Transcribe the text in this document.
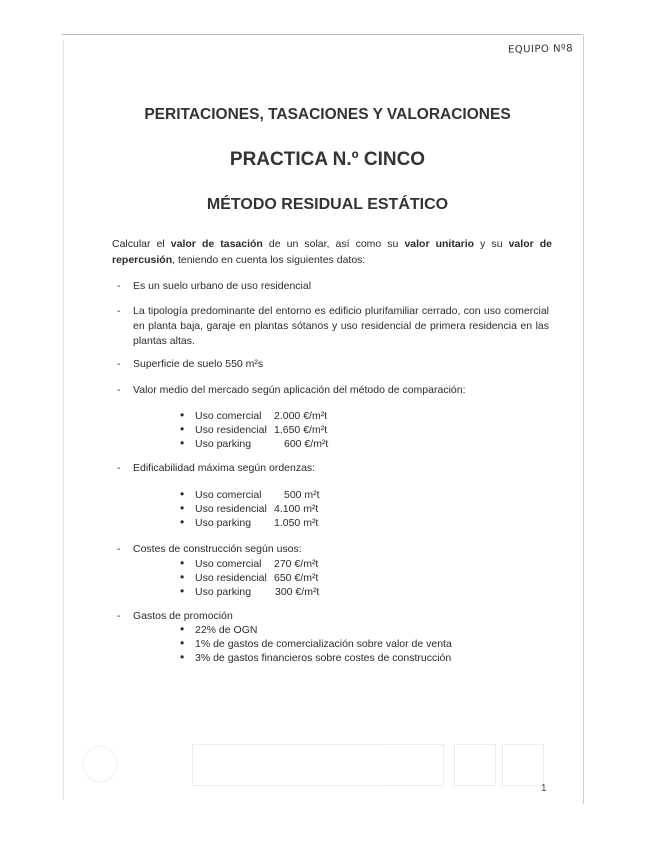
EQUIPO Nº8
PERITACIONES, TASACIONES Y VALORACIONES
PRACTICA N.º CINCO
MÉTODO RESIDUAL ESTÁTICO
Calcular el valor de tasación de un solar, así como su valor unitario y su valor de repercusión, teniendo en cuenta los siguientes datos:
- Es un suelo urbano de uso residencial
- La tipología predominante del entorno es edificio plurifamiliar cerrado, con uso comercial en planta baja, garaje en plantas sótanos y uso residencial de primera residencia en las plantas altas.
- Superficie de suelo 550 m²s
- Valor medio del mercado según aplicación del método de comparación:
• Uso comercial 2.000 €/m²t
• Uso residencial 1.650 €/m²t
• Uso parking	600 €/m²t
- Edificabilidad máxima según ordenzas:
• Uso comercial 500 m²t
• Uso residencial 4.100 m²t
• Uso parking 1.050 m²t
- Costes de construcción según usos:
• Uso comercial 270 €/m²t
• Uso residencial 650 €/m²t
• Uso parking 300 €/m²t
- Gastos de promoción
• 22% de OGN
• 1% de gastos de comercialización sobre valor de venta
• 3% de gastos financieros sobre costes de construcción
1
